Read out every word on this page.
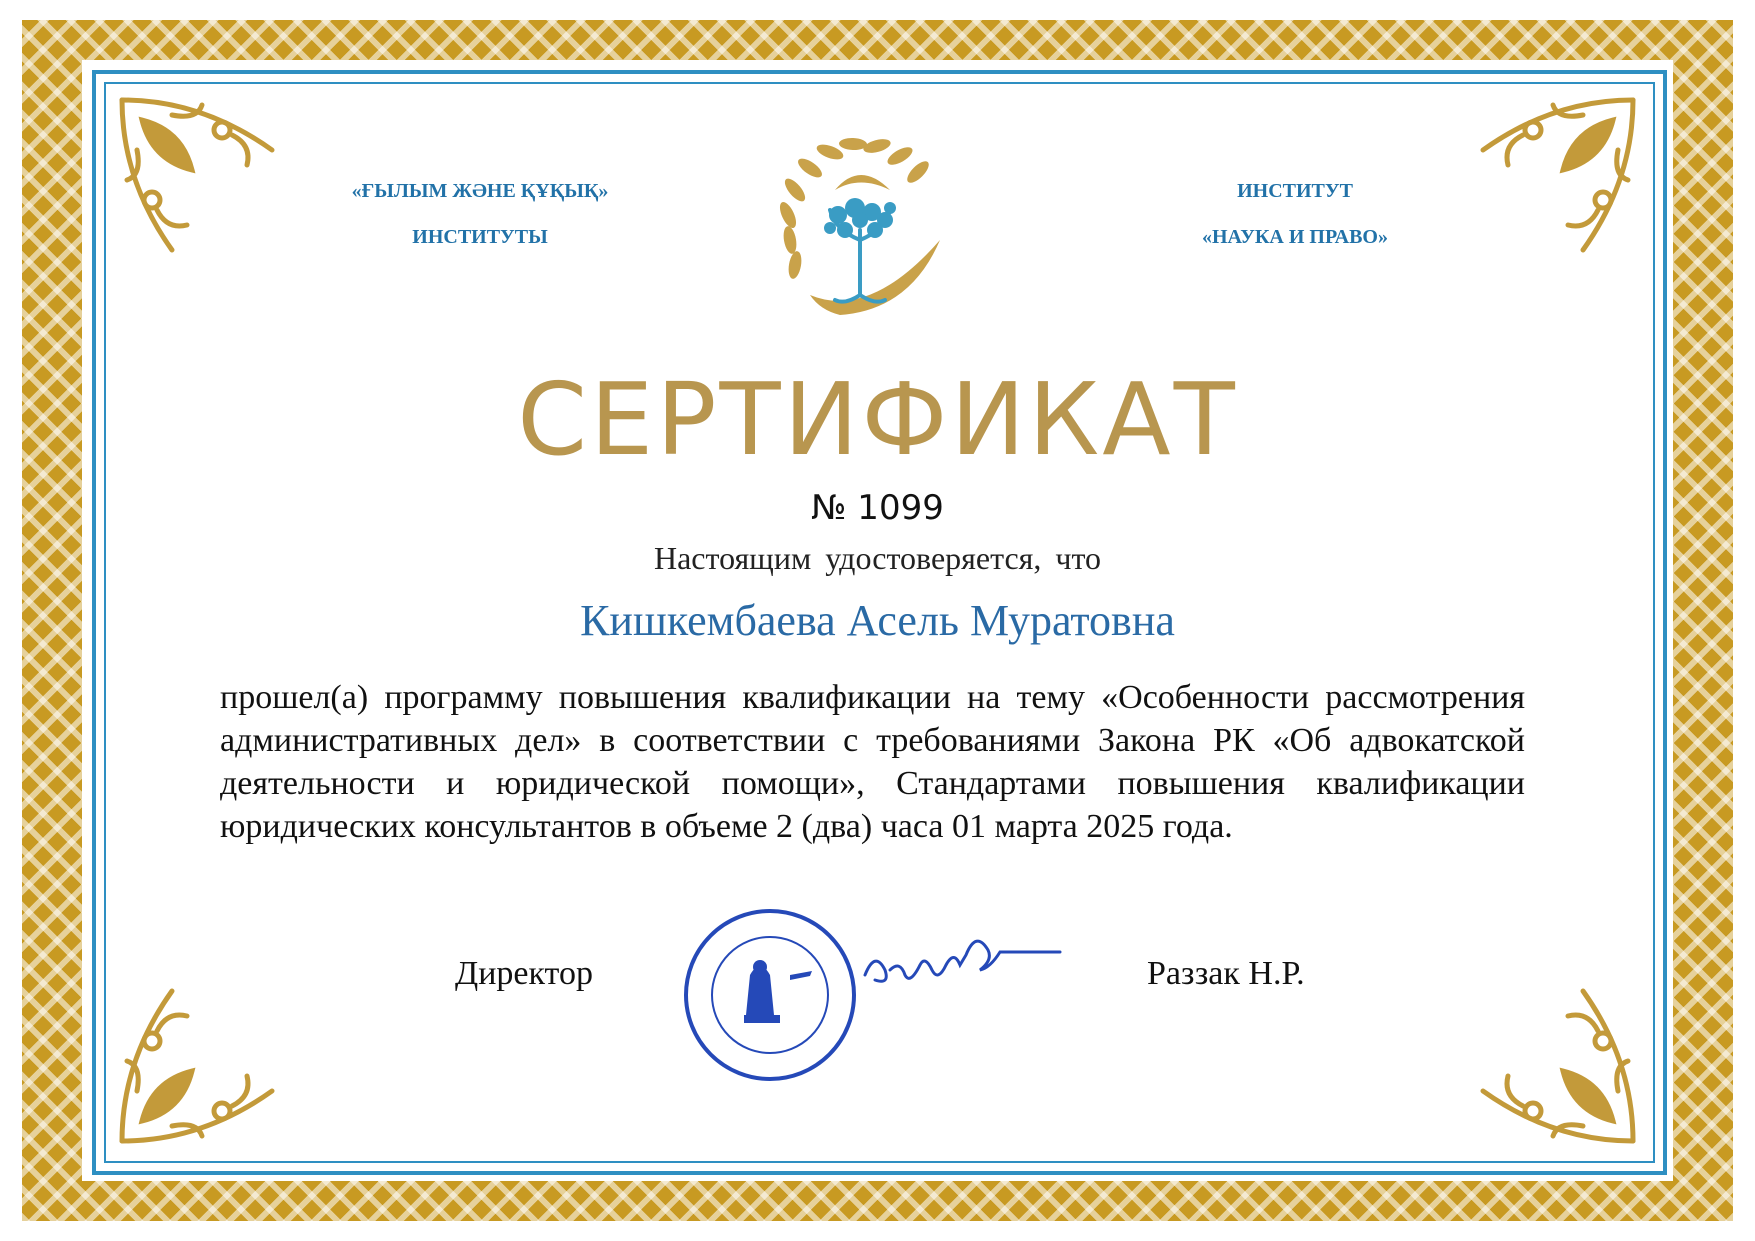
«ҒЫЛЫМ ЖӘНЕ ҚҰҚЫҚ»
ИНСТИТУТЫ
ИНСТИТУТ
«НАУКА И ПРАВО»
СЕРТИФИКАТ
№ 1099
Настоящим удостоверяется, что
Кишкембаева Асель Муратовна
прошел(а) программу повышения квалификации на тему «Особенности рассмотрения административных дел» в соответствии с требованиями Закона РК «Об адвокатской деятельности и юридической помощи», Стандартами повышения квалификации юридических консультантов в объеме 2 (два) часа 01 марта 2025 года.
Директор	Раззак Н.Р.
